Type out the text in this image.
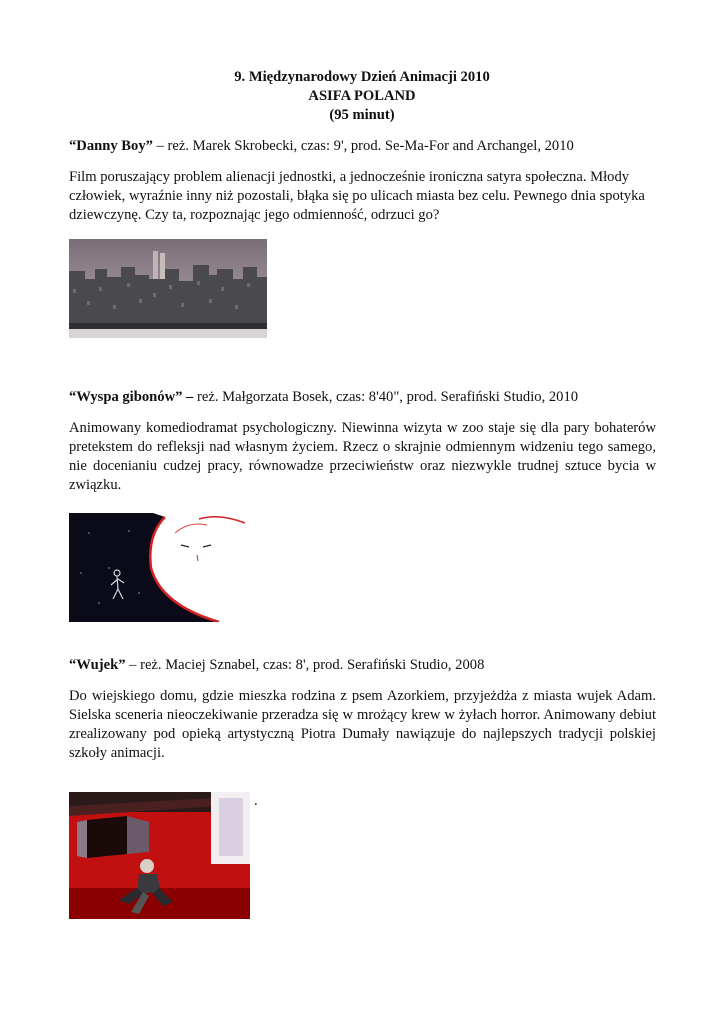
9. Międzynarodowy Dzień Animacji 2010
ASIFA POLAND
(95 minut)
“Danny Boy” – reż. Marek Skrobecki, czas: 9', prod. Se-Ma-For and Archangel, 2010
Film poruszający problem alienacji jednostki, a jednocześnie ironiczna satyra społeczna. Młody człowiek, wyraźnie inny niż pozostali, błąka się po ulicach miasta bez celu. Pewnego dnia spotyka dziewczynę. Czy ta, rozpoznając jego odmienność, odrzuci go?
“Wyspa gibonów” – reż. Małgorzata Bosek, czas: 8'40", prod. Serafiński Studio, 2010
Animowany komediodramat psychologiczny. Niewinna wizyta w zoo staje się dla pary bohaterów pretekstem do refleksji nad własnym życiem. Rzecz o skrajnie odmiennym widzeniu tego samego, nie docenianiu cudzej pracy, równowadze przeciwieństw oraz niezwykle trudnej sztuce bycia w związku.
“Wujek” – reż. Maciej Sznabel, czas: 8', prod. Serafiński Studio, 2008
Do wiejskiego domu, gdzie mieszka rodzina z psem Azorkiem, przyjeżdża z miasta wujek Adam. Sielska sceneria nieoczekiwanie przeradza się w mrożący krew w żyłach horror. Animowany debiut zrealizowany pod opieką artystyczną Piotra Dumały nawiązuje do najlepszych tradycji polskiej szkoły animacji.
.
